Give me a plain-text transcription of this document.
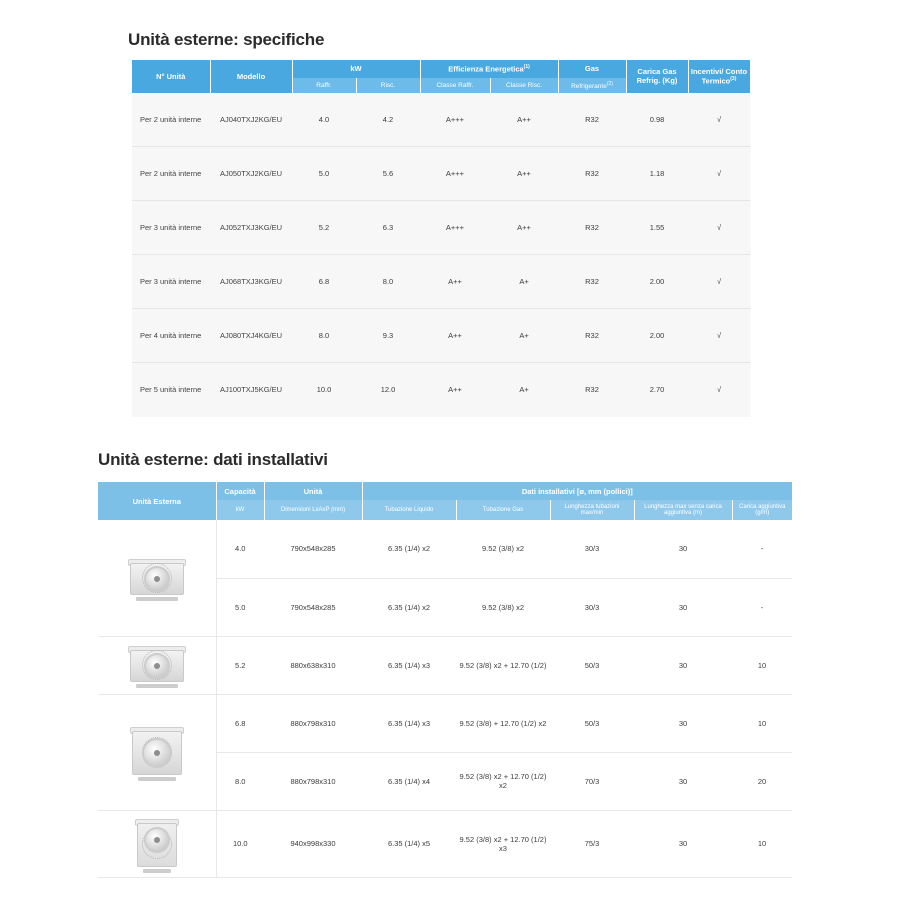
Unità esterne: specifiche
N° Unità	Modello	kW		Efficienza Energetica$^{(1)}$		Gas	Carica Gas Refrig. (Kg)	Incentivi/ Conto Termico$^{(3)}$
		Raffr.	Risc.	Classe Raffr.	Classe Risc.	Refrigerante$^{(2)}$
Per 2 unità interne	AJ040TXJ2KG/EU	4.0	4.2	A+++	A++	R32	0.98	√
Per 2 unità interne	AJ050TXJ2KG/EU	5.0	5.6	A+++	A++	R32	1.18	√
Per 3 unità interne	AJ052TXJ3KG/EU	5.2	6.3	A+++	A++	R32	1.55	√
Per 3 unità interne	AJ068TXJ3KG/EU	6.8	8.0	A++	A+	R32	2.00	√
Per 4 unità interne	AJ080TXJ4KG/EU	8.0	9.3	A++	A+	R32	2.00	√
Per 5 unità interne	AJ100TXJ5KG/EU	10.0	12.0	A++	A+	R32	2.70	√
Unità esterne: dati installativi
Unità Esterna	Capacità	Unità	Dati installativi [ø, mm (pollici)]				
	kW	Dimensioni LxAxP (mm)	Tubazione Liquido	Tubazione Gas	Lunghezza tubazioni max/min	Lunghezza max senza carica aggiuntiva (m)	Carica aggiuntiva (g/m)

	4.0	790x548x285	6.35 (1/4) x2	9.52 (3/8) x2	30/3	30	-
	5.0	790x548x285	6.35 (1/4) x2	9.52 (3/8) x2	30/3	30	-

	5.2	880x638x310	6.35 (1/4) x3	9.52 (3/8) x2 + 12.70 (1/2)	50/3	30	10

	6.8	880x798x310	6.35 (1/4) x3	9.52 (3/8) + 12.70 (1/2) x2	50/3	30	10
	8.0	880x798x310	6.35 (1/4) x4	9.52 (3/8) x2 + 12.70 (1/2) x2	70/3	30	20

	10.0	940x998x330	6.35 (1/4) x5	9.52 (3/8) x2 + 12.70 (1/2) x3	75/3	30	10
